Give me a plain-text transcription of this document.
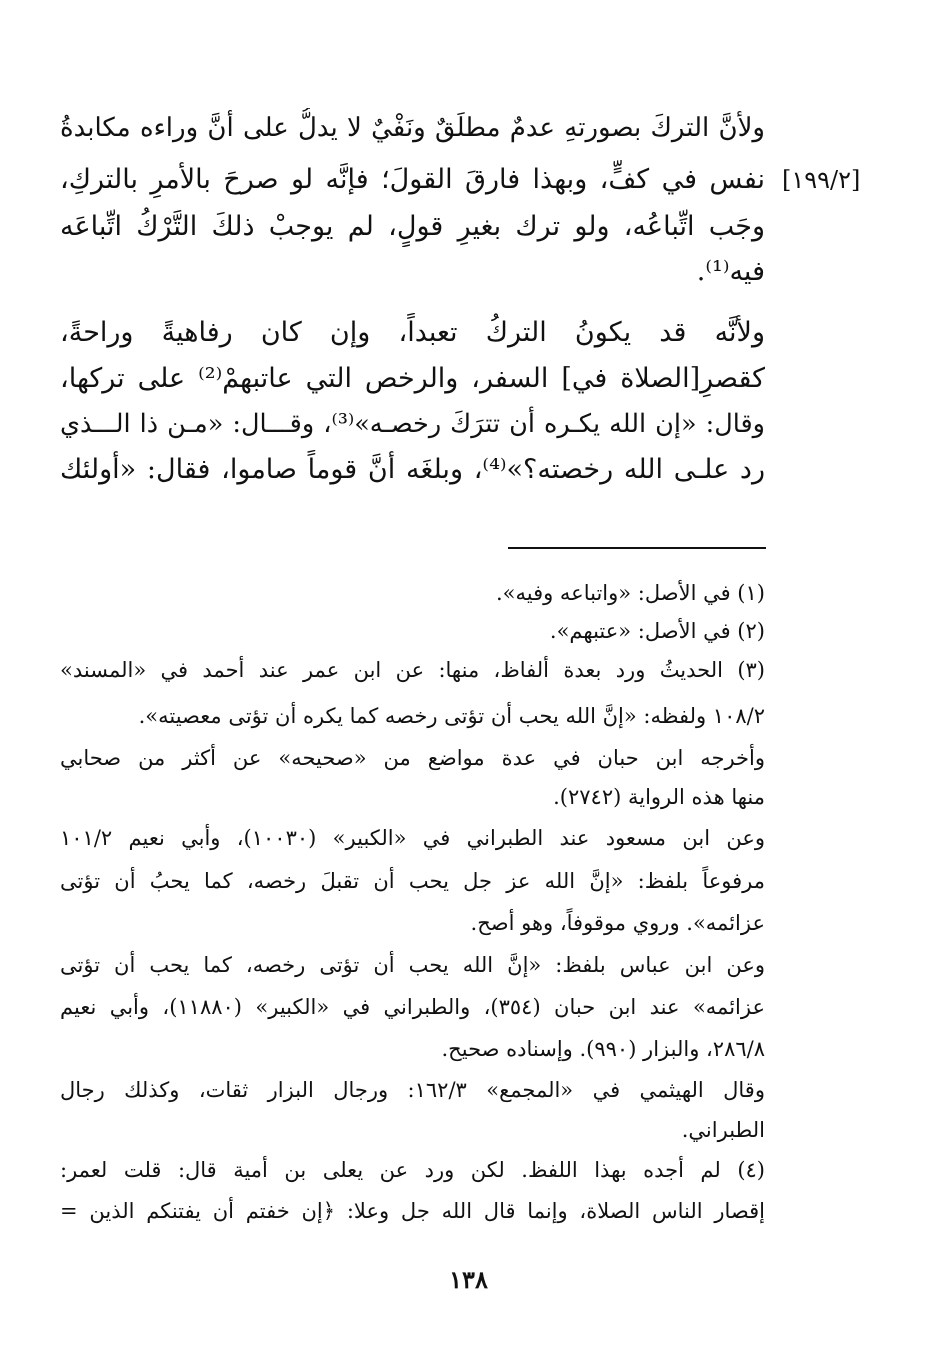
[١٩٩/٢]
ولأنَّ التركَ بصورتهِ عدمٌ مطلَقٌ ونَفْيٌ لا يدلُّ على أنَّ وراءه مكابدةُ
نفس في كفٍّ، وبهذا فارقَ القولَ؛ فإنَّه لو صرحَ بالأمرِ بالتركِ،
وجَب اتِّباعُه، ولو ترك بغيرِ قولٍ، لم يوجبْ ذلكَ التَّرْكُ اتِّباعَه
فيه⁽¹⁾.
ولأنَّه قد يكونُ التركُ تعبداً، وإن كان رفاهيةً وراحةً،
كقصرِ[الصلاة في] السفر، والرخص التي عاتبهمْ⁽²⁾ على تركها،
وقال: «إن الله يكـره أن تترَكَ رخصـه»⁽³⁾، وقـــال: «مـن ذا الـــذي
رد علـى الله رخصته؟»⁽⁴⁾، وبلغَه أنَّ قوماً صاموا، فقال: «أُولئك
(١) في الأصل: «واتباعه وفيه».
(٢) في الأصل: «عتبهم».
(٣) الحديثُ ورد بعدة ألفاظ، منها: عن ابن عمر عند أحمد في «المسند»
١٠٨/٢ ولفظه: «إنَّ الله يحب أن تؤتى رخصه كما يكره أن تؤتى معصيته».
وأخرجه ابن حبان في عدة مواضع من «صحيحه» عن أكثر من صحابي
منها هذه الرواية (٢٧٤٢).
وعن ابن مسعود عند الطبراني في «الكبير» (١٠٠٣٠)، وأبي نعيم ١٠١/٢
مرفوعاً بلفظ: «إنَّ الله عز جل يحب أن تقبلَ رخصه، كما يحبُ أن تؤتى
عزائمه». وروي موقوفاً، وهو أصح.
وعن ابن عباس بلفظ: «إنَّ الله يحب أن تؤتى رخصه، كما يحب أن تؤتى
عزائمه» عند ابن حبان (٣٥٤)، والطبراني في «الكبير» (١١٨٨٠)، وأبي نعيم
٢٨٦/٨، والبزار (٩٩٠). وإسناده صحيح.
وقال الهيثمي في «المجمع» ١٦٢/٣: ورجال البزار ثقات، وكذلك رجال
الطبراني.
(٤) لم أجده بهذا اللفظ. لكن ورد عن يعلى بن أمية قال: قلت لعمر:
إقصار الناس الصلاة، وإنما قال الله جل وعلا: ﴿إن خفتم أن يفتنكم الذين =
١٣٨
